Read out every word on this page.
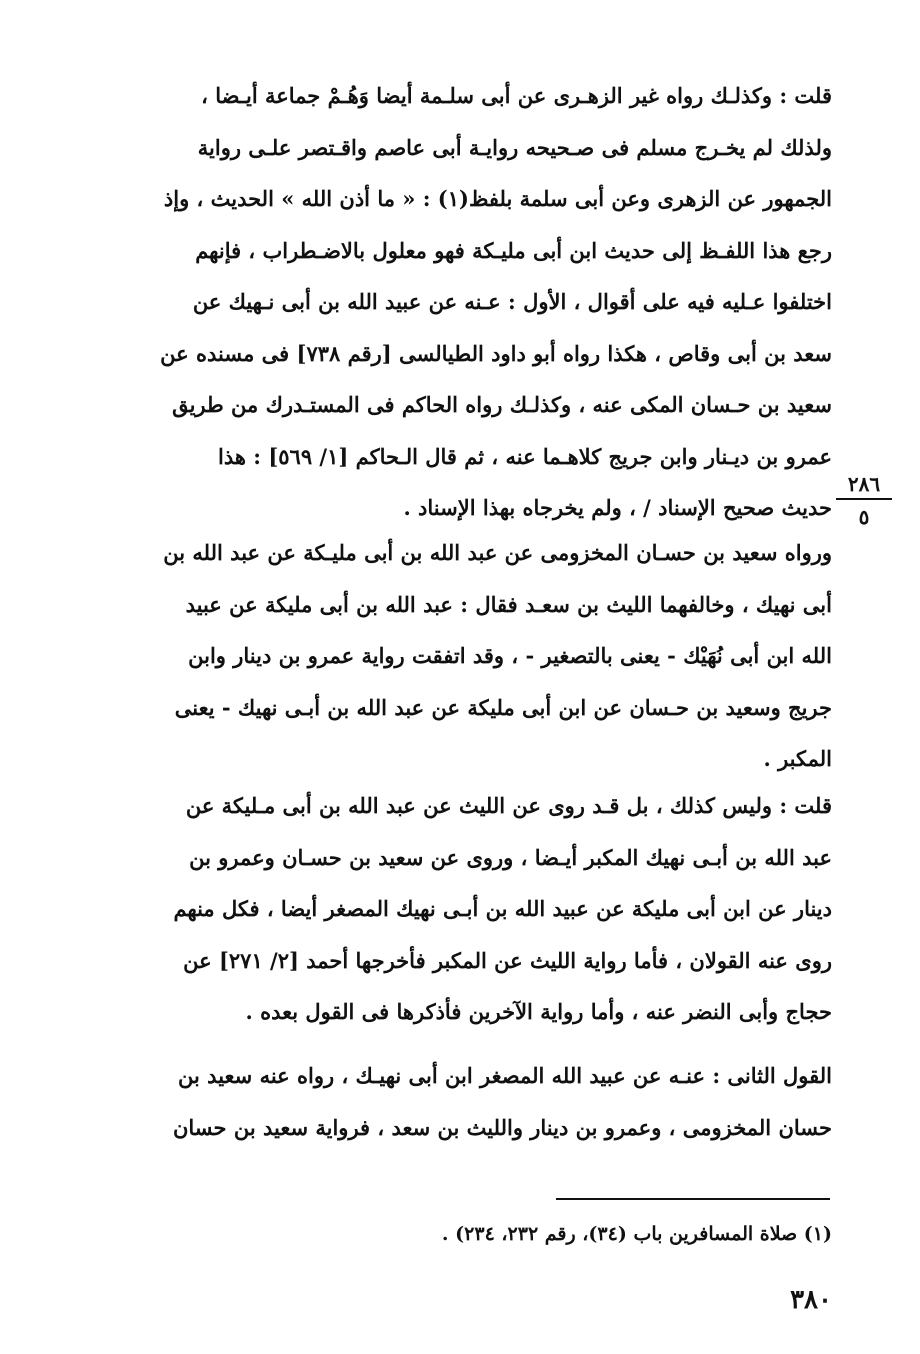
٢٨٦
٥
قلت : وكذلـك رواه غير الزهـرى عن أبى سلـمة أيضا وَهُـمْ جماعة أيـضا ،
ولذلك لم يخـرج مسلم فى صـحيحه روايـة أبى عاصم واقـتصر علـى رواية
الجمهور عن الزهرى وعن أبى سلمة بلفظ(١) : « ما أذن الله » الحديث ، وإذ
رجع هذا اللفـظ إلى حديث ابن أبى مليـكة فهو معلول بالاضـطراب ، فإنهم
اختلفوا عـليه فيه على أقوال ، الأول : عـنه عن عبيد الله بن أبى نـهيك عن
سعد بن أبى وقاص ، هكذا رواه أبو داود الطيالسى [رقم ٧٣٨] فى مسنده عن
سعيد بن حـسان المكى عنه ، وكذلـك رواه الحاكم فى المستـدرك من طريق
عمرو بن ديـنار وابن جريج كلاهـما عنه ، ثم قال الـحاكم [١/ ٥٦٩] : هذا
حديث صحيح الإسناد / ، ولم يخرجاه بهذا الإسناد .
ورواه سعيد بن حسـان المخزومى عن عبد الله بن أبى مليـكة عن عبد الله بن
أبى نهيك ، وخالفهما الليث بن سعـد فقال : عبد الله بن أبى مليكة عن عبيد
الله ابن أبى نُهَيْك - يعنى بالتصغير - ، وقد اتفقت رواية عمرو بن دينار وابن
جريج وسعيد بن حـسان عن ابن أبى مليكة عن عبد الله بن أبـى نهيك - يعنى
المكبر .
قلت : وليس كذلك ، بل قـد روى عن الليث عن عبد الله بن أبى مـليكة عن
عبد الله بن أبـى نهيك المكبر أيـضا ، وروى عن سعيد بن حسـان وعمرو بن
دينار عن ابن أبى مليكة عن عبيد الله بن أبـى نهيك المصغر أيضا ، فكل منهم
روى عنه القولان ، فأما رواية الليث عن المكبر فأخرجها أحمد [٢/ ٢٧١] عن
حجاج وأبى النضر عنه ، وأما رواية الآخرين فأذكرها فى القول بعده .
القول الثانى : عنـه عن عبيد الله المصغر ابن أبى نهيـك ، رواه عنه سعيد بن
حسان المخزومى ، وعمرو بن دينار والليث بن سعد ، فرواية سعيد بن حسان
(١) صلاة المسافرين باب (٣٤)، رقم ٢٣٢، ٢٣٤) .
٣٨٠
